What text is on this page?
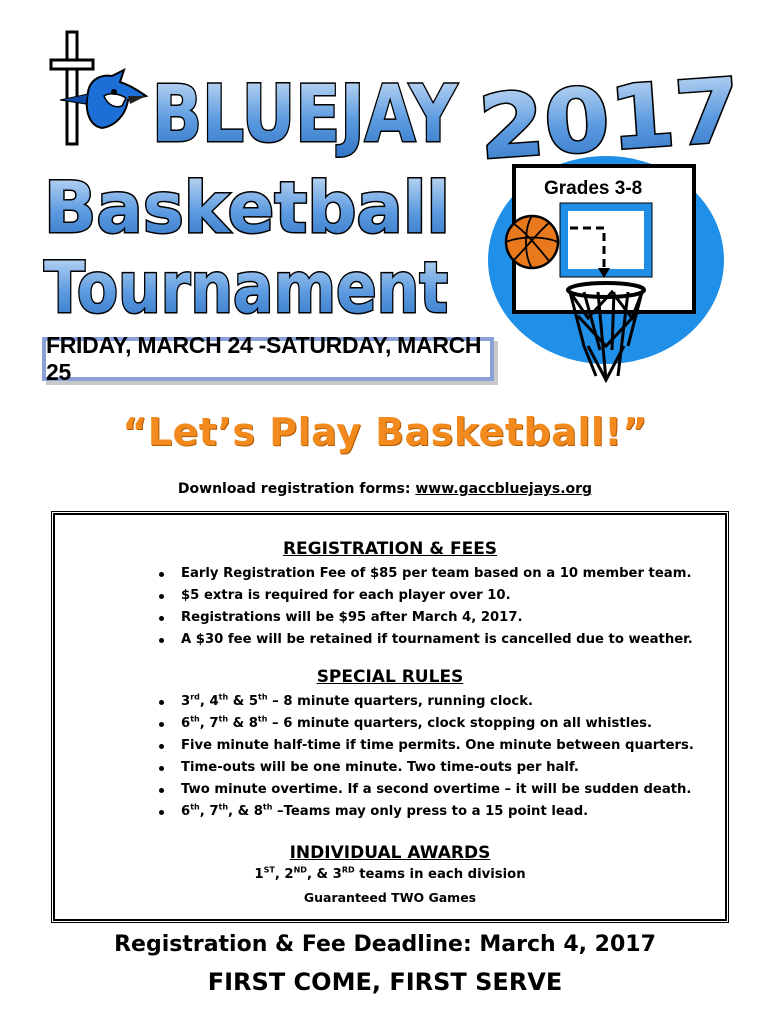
BLUEJAY 2017
Basketball
Tournament
Grades 3-8
FRIDAY, MARCH 24 -SATURDAY, MARCH 25
“Let’s Play Basketball!”
Download registration forms: www.gaccbluejays.org
REGISTRATION & FEES
Early Registration Fee of $85 per team based on a 10 member team.
$5 extra is required for each player over 10.
Registrations will be $95 after March 4, 2017.
A $30 fee will be retained if tournament is cancelled due to weather.
SPECIAL RULES
3rd, 4th & 5th – 8 minute quarters, running clock.
6th, 7th & 8th – 6 minute quarters, clock stopping on all whistles.
Five minute half-time if time permits. One minute between quarters.
Time-outs will be one minute. Two time-outs per half.
Two minute overtime. If a second overtime – it will be sudden death.
6th, 7th, & 8th –Teams may only press to a 15 point lead.
INDIVIDUAL AWARDS
1ST, 2ND, & 3RD teams in each division
Guaranteed TWO Games
Registration & Fee Deadline: March 4, 2017
FIRST COME, FIRST SERVE
